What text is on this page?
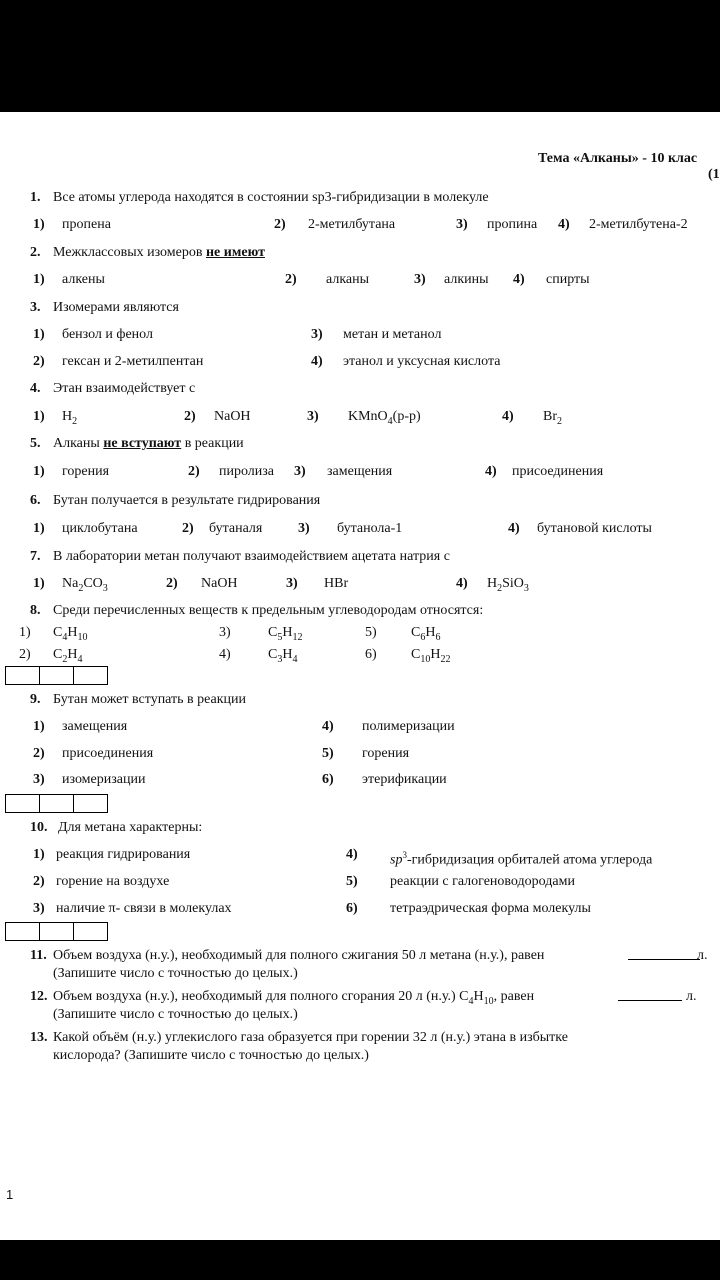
Тема «Алканы» - 10 клас
(1
1. Все атомы углерода находятся в состоянии sp3-гибридизации в молекуле
1) пропена	2) 2-метилбутана	3) пропина 4) 2-метилбутена-2
2. Межклассовых изомеров не имеют
1) алкены	2) алканы	3) алкины 4) спирты
3. Изомерами являются
1) бензол и фенол	3) метан и метанол
2) гексан и 2-метилпентан	4) этанол и уксусная кислота
4. Этан взаимодействует с
1) $H_2$	2) NaOH	3) KMnO$_4$(р-р)	4) $Br_2$
5. Алканы не вступают в реакции
1) горения	2) пиролиза 3) замещения	4) присоединения
6. Бутан получается в результате гидрирования
1) циклобутана	2) бутаналя	3) бутанола-1	4) бутановой кислоты
7. В лаборатории метан получают взаимодействием ацетата натрия с
1) $Na_2CO_3$	2) NaOH	3) HBr	4) $H_2SiO_3$
8. Среди перечисленных веществ к предельным углеводородам относятся:
1) $C_4H_{10}$	3)	$C_5H_{12}$	5) $C_6H_6$
2) $C_2H_4$	4)	$C_3H_4$	6) $C_{10}H_{22}$
9. Бутан может вступать в реакции
1) замещения	4) полимеризации
2) присоединения	5) горения
3) изомеризации	6) этерификации
10. Для метана характерны:
1) реакция гидрирования	4) $sp^3$-гибридизация орбиталей атома углерода
2) горение на воздухе	5) реакции с галогеноводородами
3) наличие π- связи в молекулах	6) тетраэдрическая форма молекулы
11. Объем воздуха (н.у.), необходимый для полного сжигания 50 л метана (н.у.), равен	л.
(Запишите число с точностью до целых.)
12. Объем воздуха (н.у.), необходимый для полного сгорания 20 л (н.у.) $C_4H_{10}$, равен	л.
(Запишите число с точностью до целых.)
13. Какой объём (н.у.) углекислого газа образуется при горении 32 л (н.у.) этана в избытке
кислорода? (Запишите число с точностью до целых.)
1
